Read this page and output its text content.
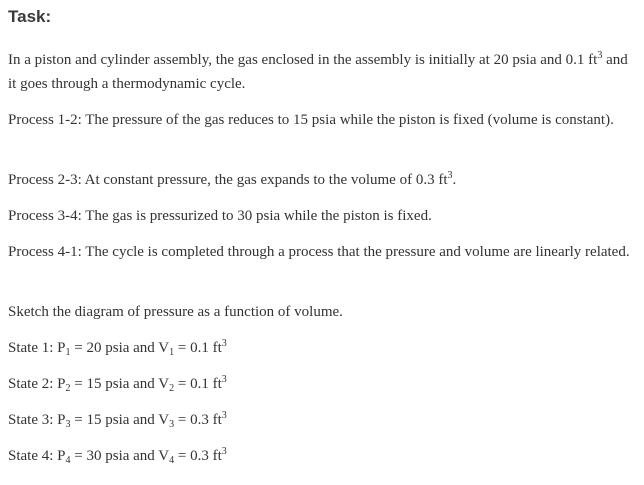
Task:

In a piston and cylinder assembly, the gas enclosed in the assembly is initially at 20 psia and 0.1 $ft^3$ and it goes through a thermodynamic cycle.

Process 1-2: The pressure of the gas reduces to 15 psia while the piston is fixed (volume is constant).

Process 2-3: At constant pressure, the gas expands to the volume of 0.3 $ft^3$.

Process 3-4: The gas is pressurized to 30 psia while the piston is fixed.

Process 4-1: The cycle is completed through a process that the pressure and volume are linearly related.

Sketch the diagram of pressure as a function of volume.

State 1: $P_1 = 20$ psia and $V_1 = 0.1$ $ft^3$

State 2: $P_2 = 15$ psia and $V_2 = 0.1$ $ft^3$

State 3: $P_3 = 15$ psia and $V_3 = 0.3$ $ft^3$

State 4: $P_4 = 30$ psia and $V_4 = 0.3$ $ft^3$
